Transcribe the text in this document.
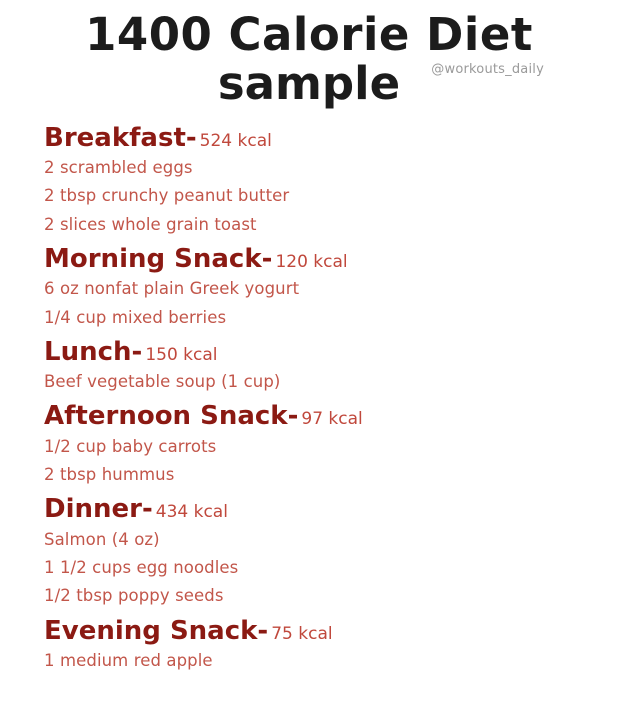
1400 Calorie Diet
@workouts_daily
sample
Breakfast- 524 kcal
2 scrambled eggs
2 tbsp crunchy peanut butter
2 slices whole grain toast
Morning Snack- 120 kcal
6 oz nonfat plain Greek yogurt
1/4 cup mixed berries
Lunch- 150 kcal
Beef vegetable soup (1 cup)
Afternoon Snack- 97 kcal
1/2 cup baby carrots
2 tbsp hummus
Dinner- 434 kcal
Salmon (4 oz)
1 1/2 cups egg noodles
1/2 tbsp poppy seeds
Evening Snack- 75 kcal
1 medium red apple
